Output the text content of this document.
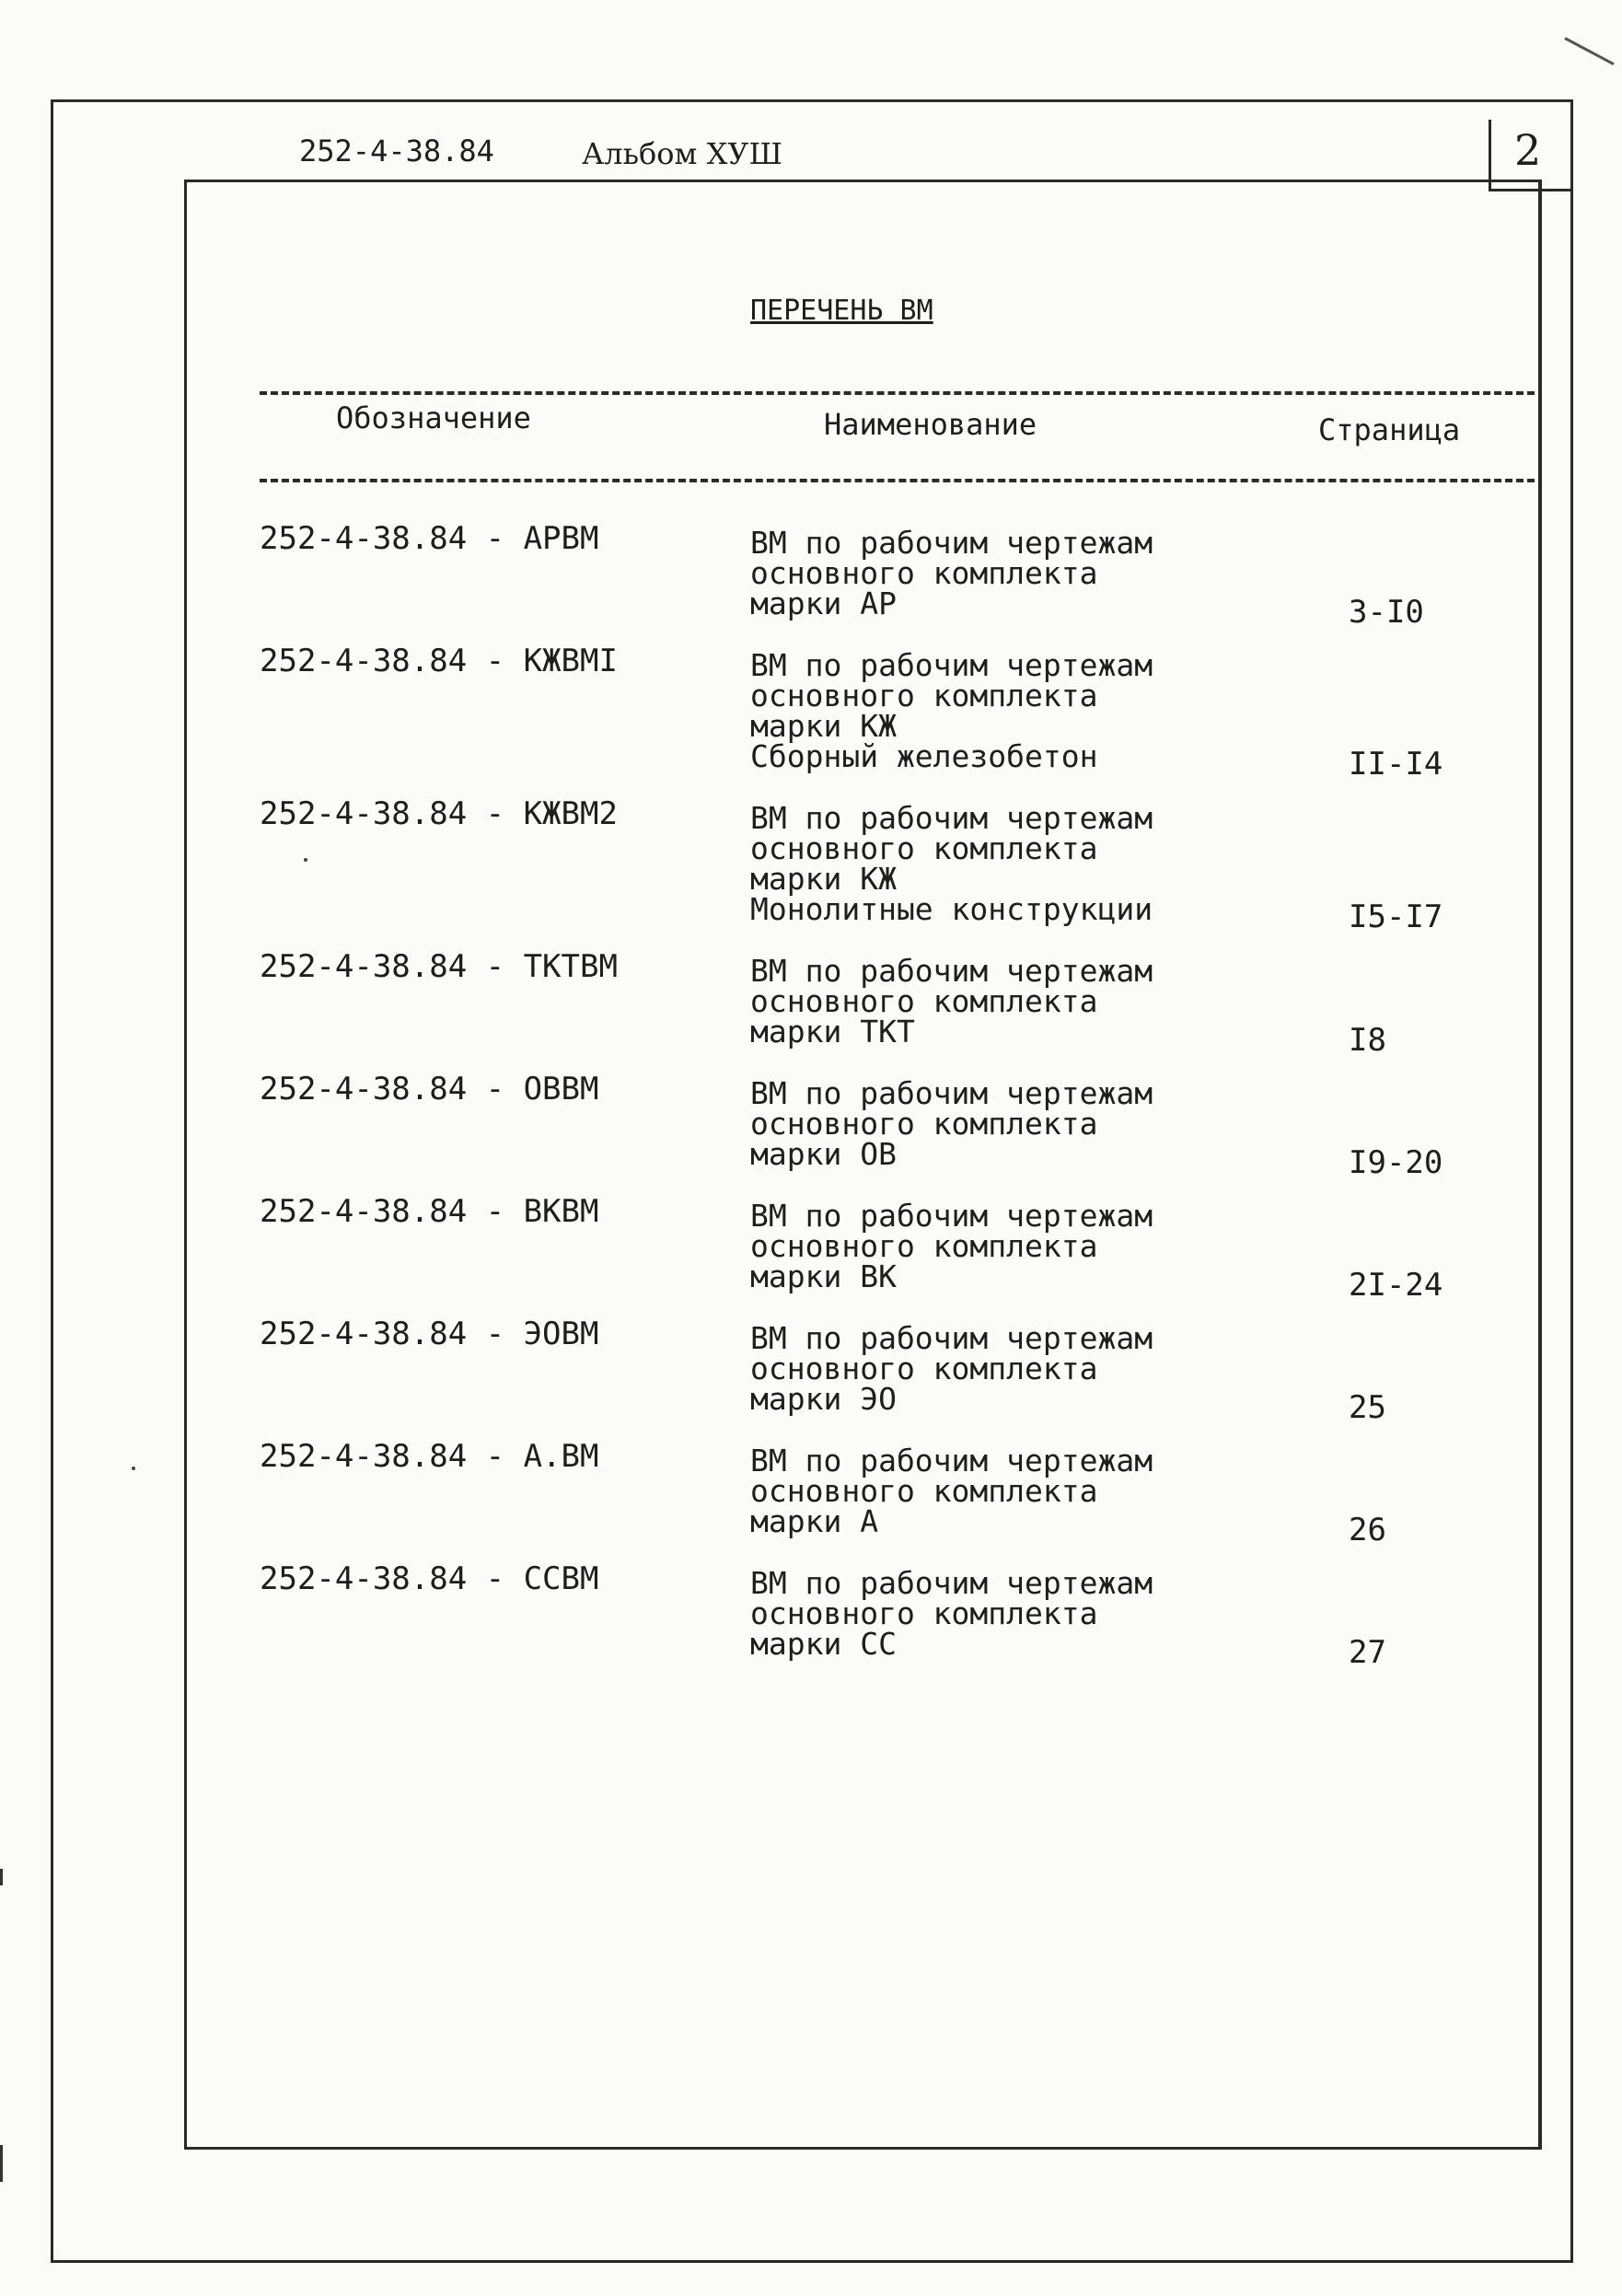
2
252-4-38.84	Альбом ХУШ
ПЕРЕЧЕНЬ ВМ
Обозначение	Наименование	Страница
252-4-38.84 - АРВМ	ВМ по рабочим чертежам
основного комплекта
марки АР	3-I0
252-4-38.84 - КЖВМI	ВМ по рабочим чертежам
основного комплекта
марки КЖ
Сборный железобетон	II-I4
252-4-38.84 - КЖВМ2	ВМ по рабочим чертежам
основного комплекта
марки КЖ
Монолитные конструкции	I5-I7
252-4-38.84 - ТКТВМ	ВМ по рабочим чертежам
основного комплекта
марки ТКТ	I8
252-4-38.84 - ОВВМ	ВМ по рабочим чертежам
основного комплекта
марки ОВ	I9-20
252-4-38.84 - ВКВМ	ВМ по рабочим чертежам
основного комплекта
марки ВК	2I-24
252-4-38.84 - ЭОВМ	ВМ по рабочим чертежам
основного комплекта
марки ЭО	25
252-4-38.84 - А.ВМ	ВМ по рабочим чертежам
основного комплекта
марки А	26
252-4-38.84 - ССВМ	ВМ по рабочим чертежам
основного комплекта
марки СС	27
